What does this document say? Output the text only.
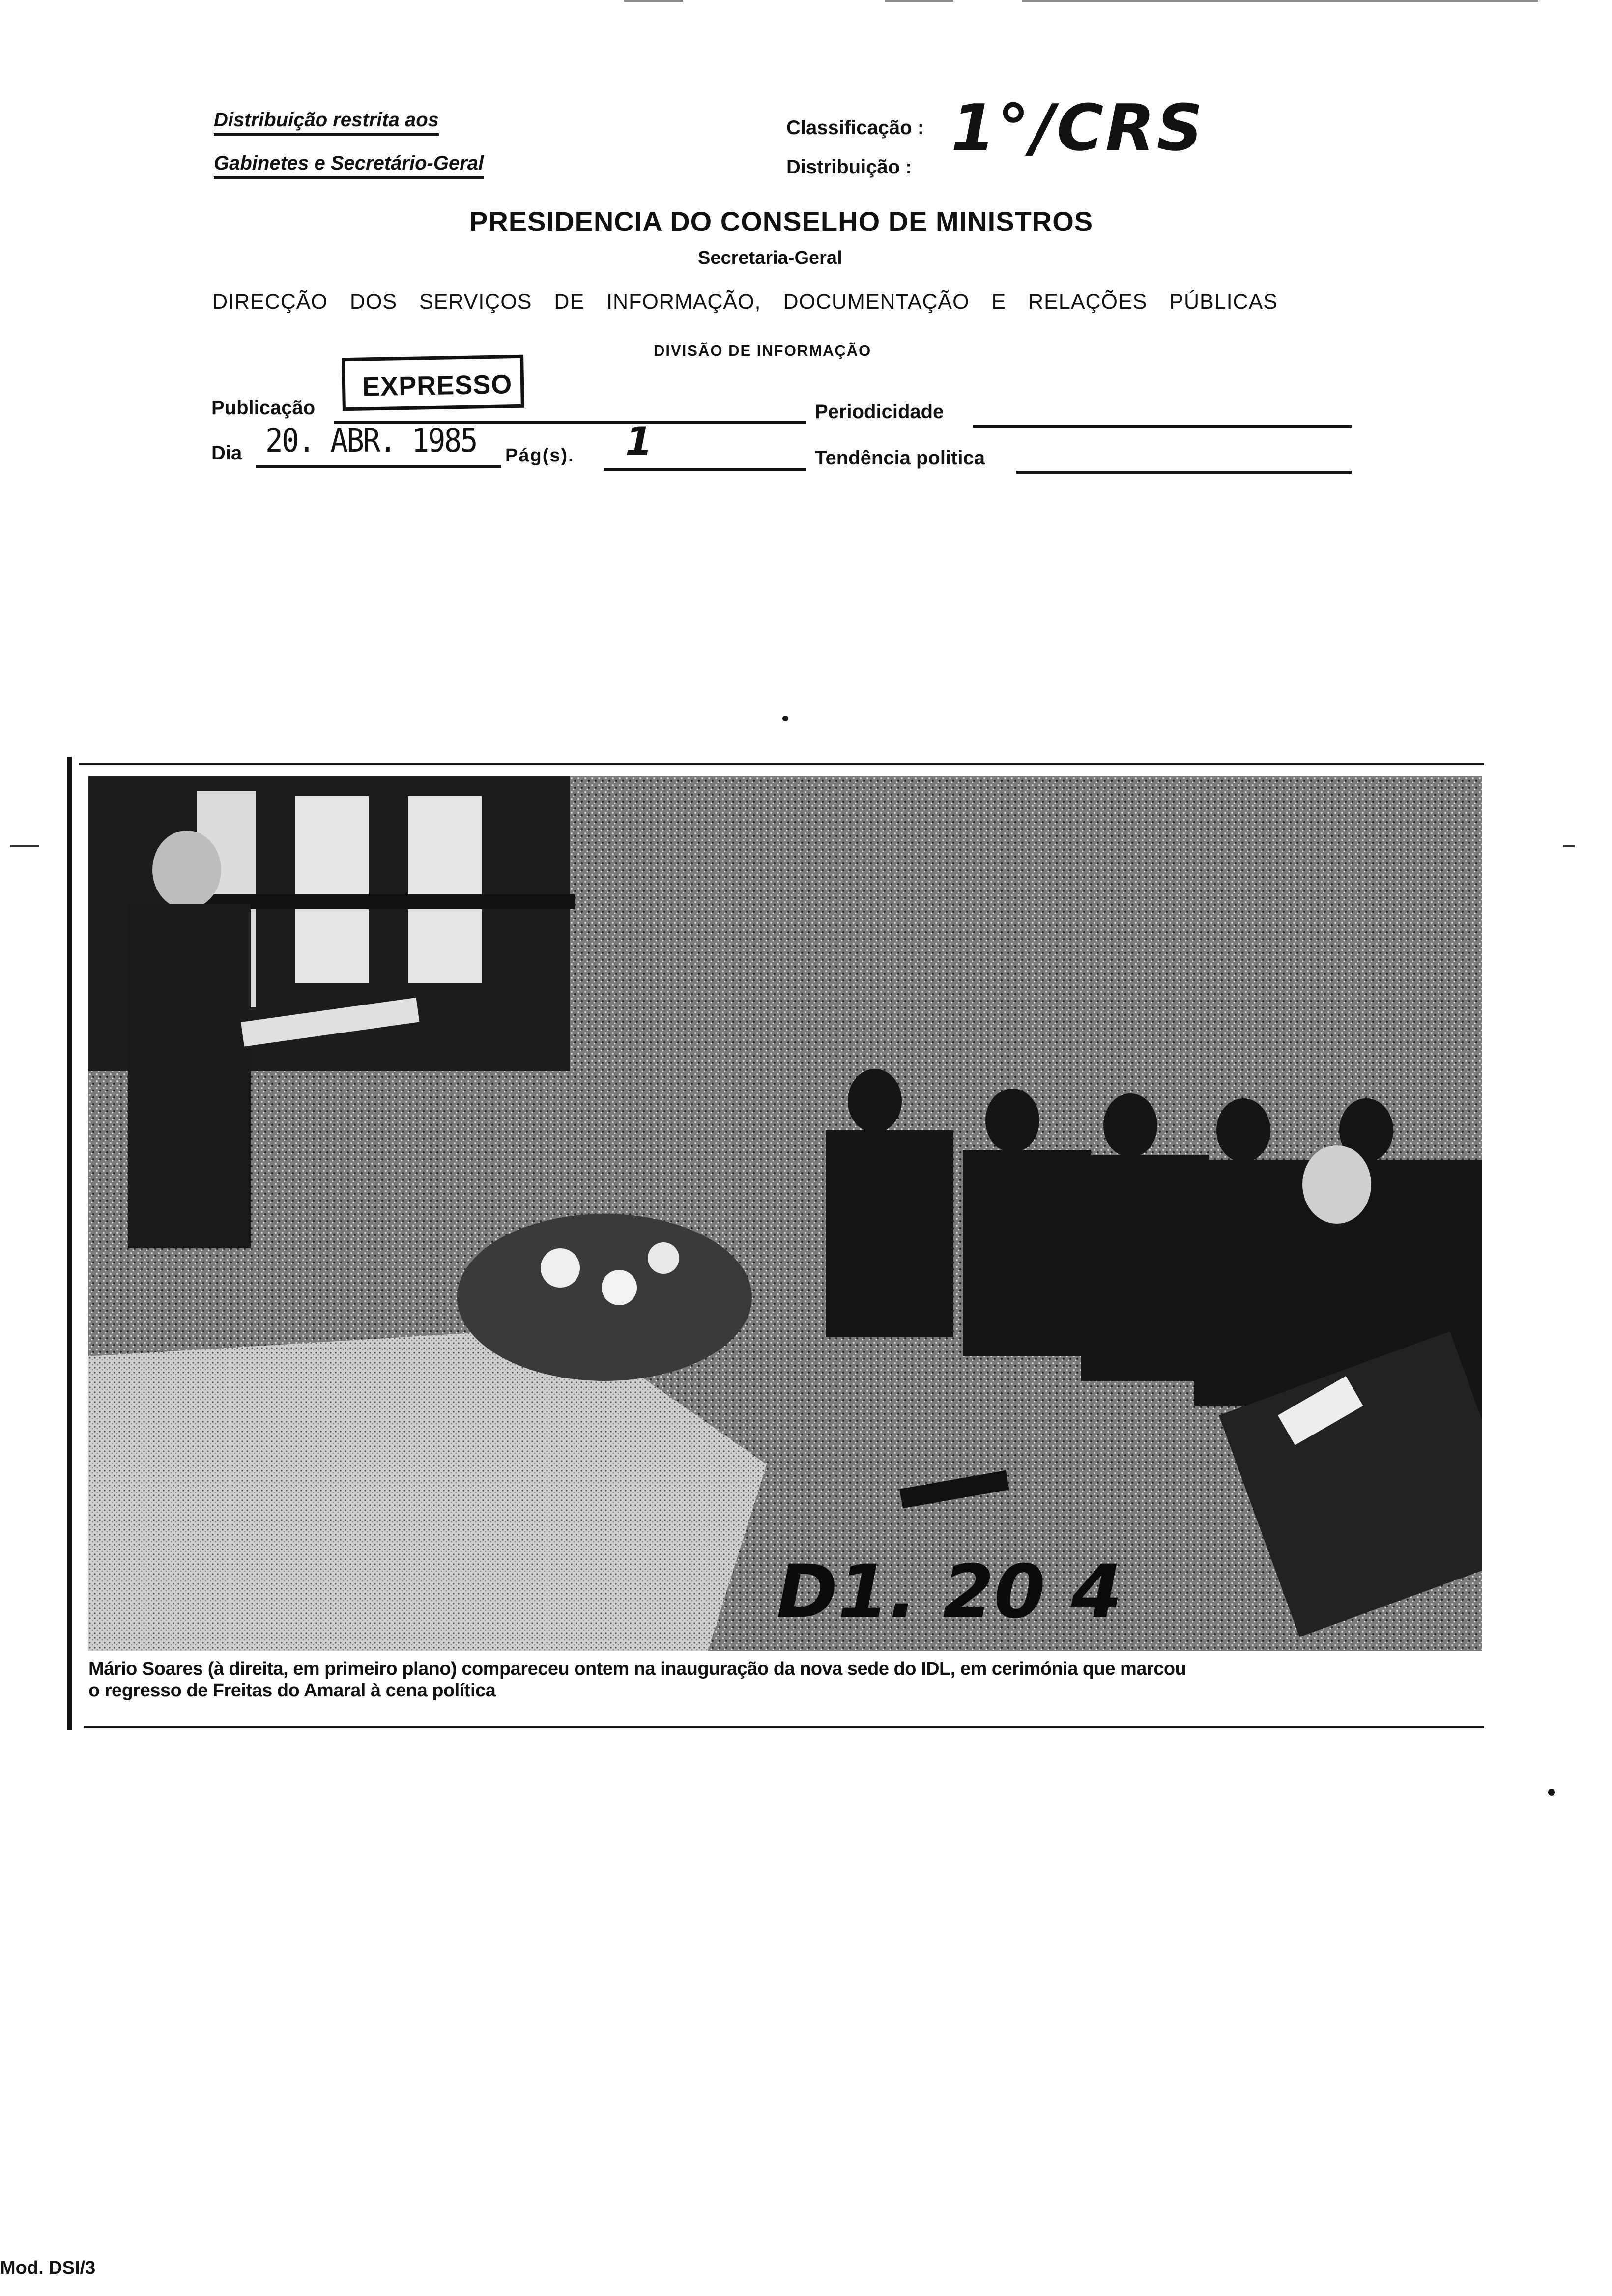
Distribuição restrita aos
Gabinetes e Secretário-Geral
Classificação : 1°/CRS
Distribuição :
PRESIDENCIA DO CONSELHO DE MINISTROS
Secretaria-Geral
DIRECÇÃO DOS SERVIÇOS DE INFORMAÇÃO, DOCUMENTAÇÃO E RELAÇÕES PÚBLICAS
DIVISÃO DE INFORMAÇÃO
Publicação
EXPRESSO
Periodicidade
Dia 20. ABR. 1985 Pág(s). 1	Tendência politica
D1. 20 4
Mário Soares (à direita, em primeiro plano) compareceu ontem na inauguração da nova sede do IDL, em cerimónia que marcou
o regresso de Freitas do Amaral à cena política
Mod. DSI/3
